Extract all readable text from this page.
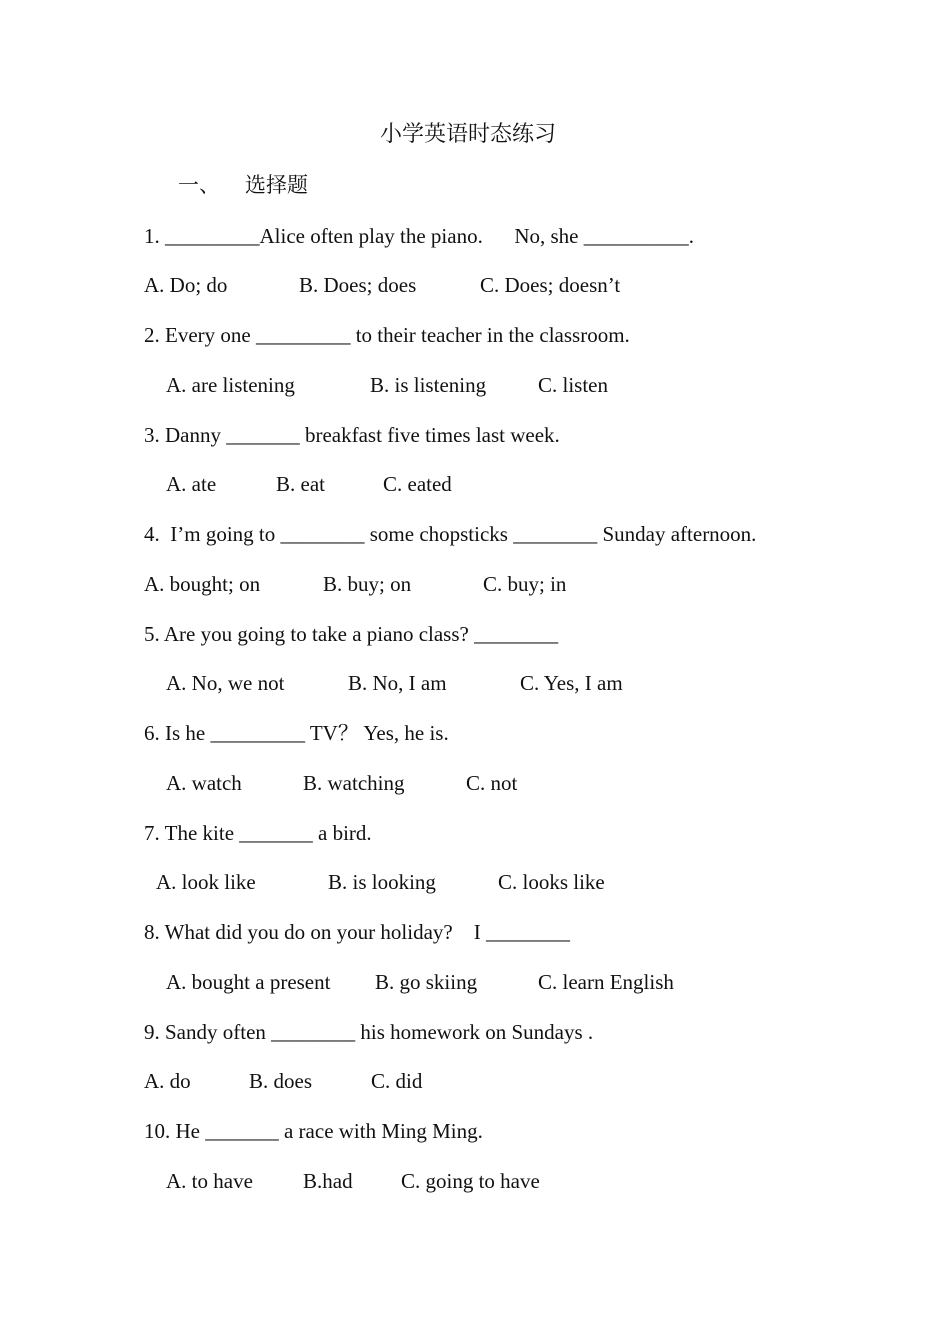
小学英语时态练习
一、 选择题
1. _________Alice often play the piano.      No, she __________.
A. Do; do	B. Does; does	C. Does; doesn’t
2. Every one _________ to their teacher in the classroom.
A. are listening	B. is listening C. listen
3. Danny _______ breakfast five times last week.
A. ate	B. eat	C. eated
4.  I’m going to ________ some chopsticks ________ Sunday afternoon.
A. bought; on	B. buy; on	C. buy; in
5. Are you going to take a piano class? ________
A. No, we not	B. No, I am	C. Yes, I am
6. Is he _________ TV？ Yes, he is.
A. watch	B. watching	C. not
7. The kite _______ a bird.
A. look like	B. is looking	C. looks like
8. What did you do on your holiday?    I ________
A. bought a present B. go skiing	C. learn English
9. Sandy often ________ his homework on Sundays .
A. do	B. does	C. did
10. He _______ a race with Ming Ming.
A. to have B.had C. going to have
